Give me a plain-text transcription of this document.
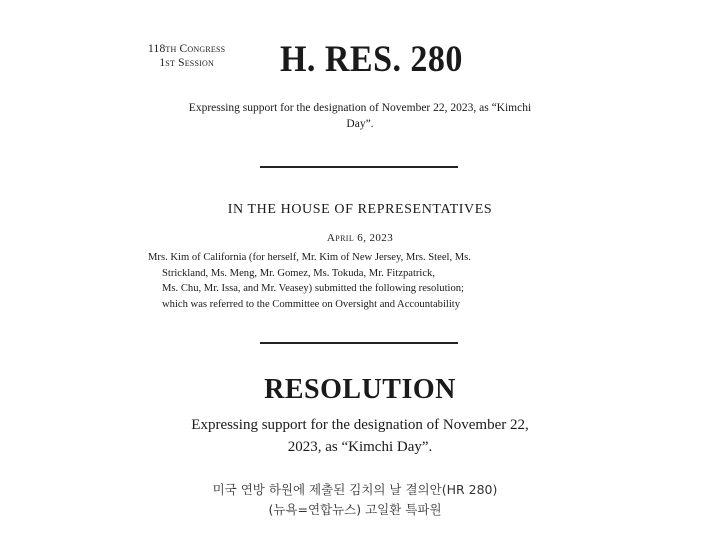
118th Congress
1st Session	H. RES. 280
Expressing support for the designation of November 22, 2023, as “Kimchi
Day”.
IN THE HOUSE OF REPRESENTATIVES
April 6, 2023
Mrs. Kim of California (for herself, Mr. Kim of New Jersey, Mrs. Steel, Ms.
Strickland, Ms. Meng, Mr. Gomez, Ms. Tokuda, Mr. Fitzpatrick,
Ms. Chu, Mr. Issa, and Mr. Veasey) submitted the following resolution;
which was referred to the Committee on Oversight and Accountability
RESOLUTION
Expressing support for the designation of November 22,
2023, as “Kimchi Day”.
미국 연방 하원에 제출된 김치의 날 결의안(HR 280)
(뉴욕=연합뉴스) 고일환 특파원
